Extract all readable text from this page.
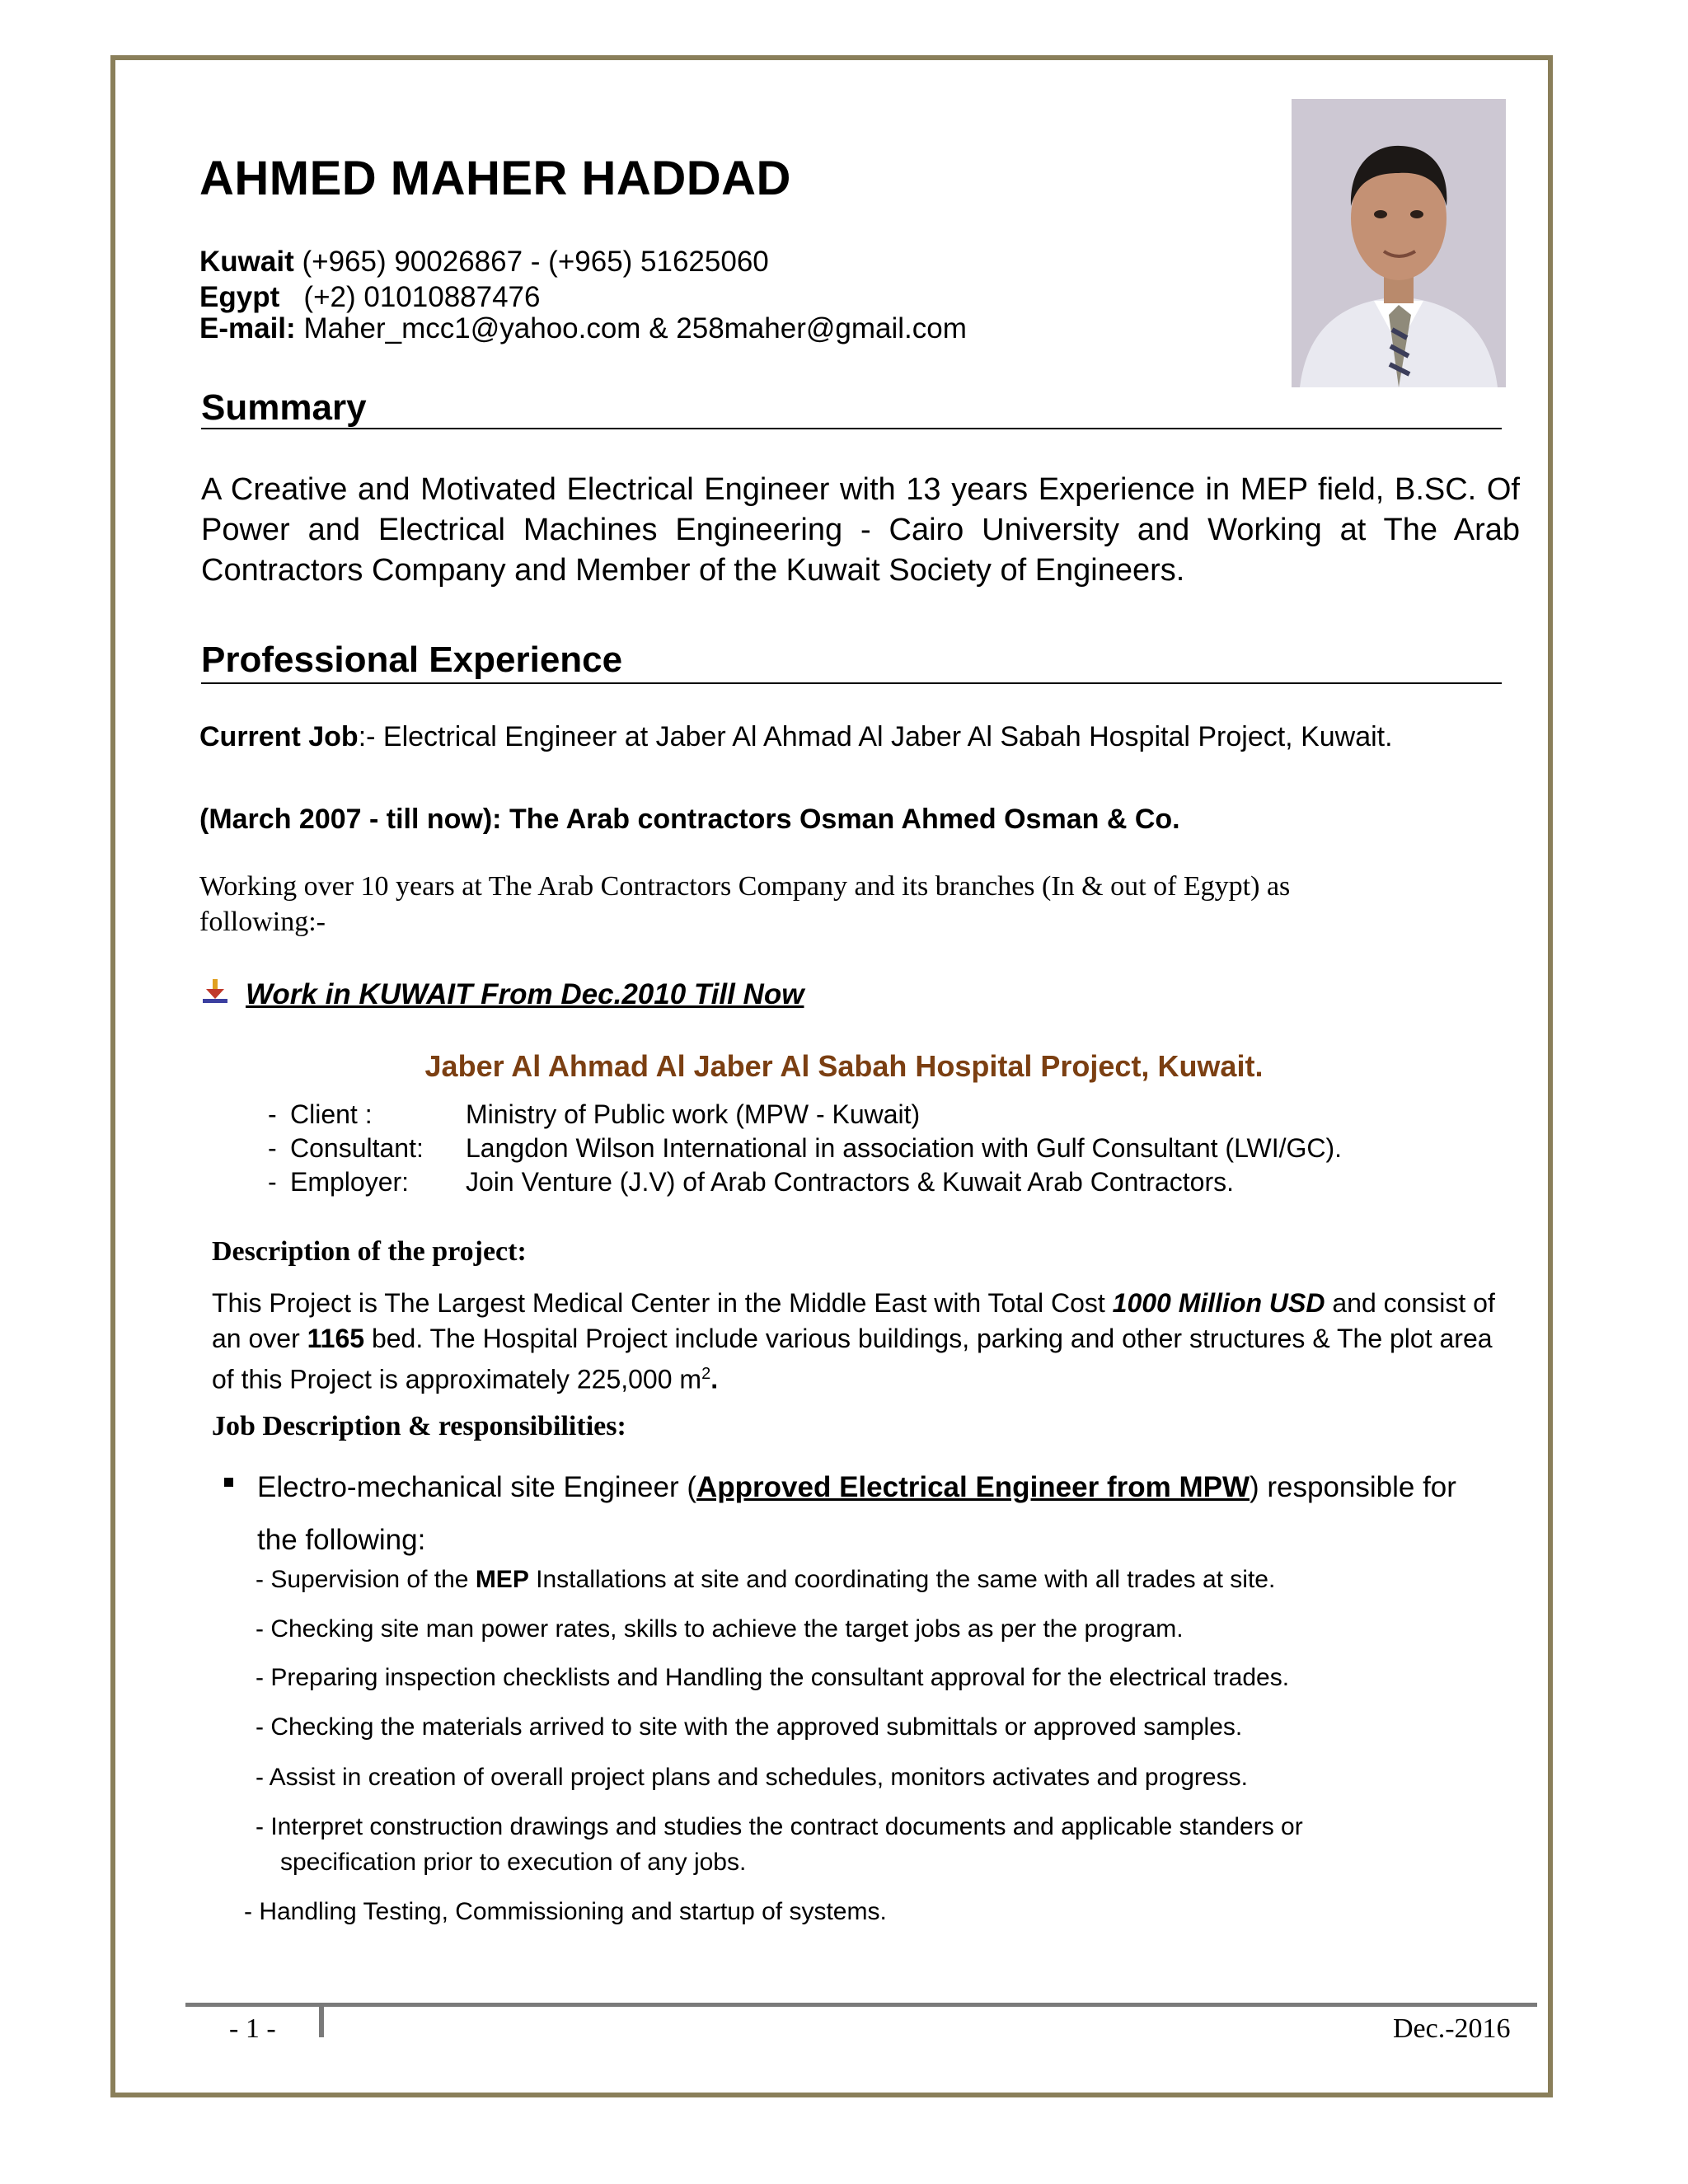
AHMED MAHER HADDAD
Kuwait (+965) 90026867 - (+965) 51625060
Egypt (+2) 01010887476
E-mail: Maher_mcc1@yahoo.com & 258maher@gmail.com
Summary
A Creative and Motivated Electrical Engineer with 13 years Experience in MEP field, B.SC. Of Power and Electrical Machines Engineering - Cairo University and Working at The Arab Contractors Company and Member of the Kuwait Society of Engineers.
Professional Experience
Current Job:- Electrical Engineer at Jaber Al Ahmad Al Jaber Al Sabah Hospital Project, Kuwait.
(March 2007 - till now): The Arab contractors Osman Ahmed Osman & Co.
Working over 10 years at The Arab Contractors Company and its branches (In & out of Egypt) as
following:-
Work in KUWAIT From Dec.2010 Till Now
Jaber Al Ahmad Al Jaber Al Sabah Hospital Project, Kuwait.
- Client :	Ministry of Public work (MPW - Kuwait)
- Consultant: Langdon Wilson International in association with Gulf Consultant (LWI/GC).
- Employer: Join Venture (J.V) of Arab Contractors & Kuwait Arab Contractors.
Description of the project:
This Project is The Largest Medical Center in the Middle East with Total Cost 1000 Million USD and consist of an over 1165 bed. The Hospital Project include various buildings, parking and other structures & The plot area of this Project is approximately 225,000 $m^2$.
Job Description & responsibilities:
Electro-mechanical site Engineer (Approved Electrical Engineer from MPW) responsible for the following:
- Supervision of the MEP Installations at site and coordinating the same with all trades at site.
- Checking site man power rates, skills to achieve the target jobs as per the program.
- Preparing inspection checklists and Handling the consultant approval for the electrical trades.
- Checking the materials arrived to site with the approved submittals or approved samples.
- Assist in creation of overall project plans and schedules, monitors activates and progress.
- Interpret construction drawings and studies the contract documents and applicable standers or
specification prior to execution of any jobs.
- Handling Testing, Commissioning and startup of systems.
- 1 -	Dec.-2016
